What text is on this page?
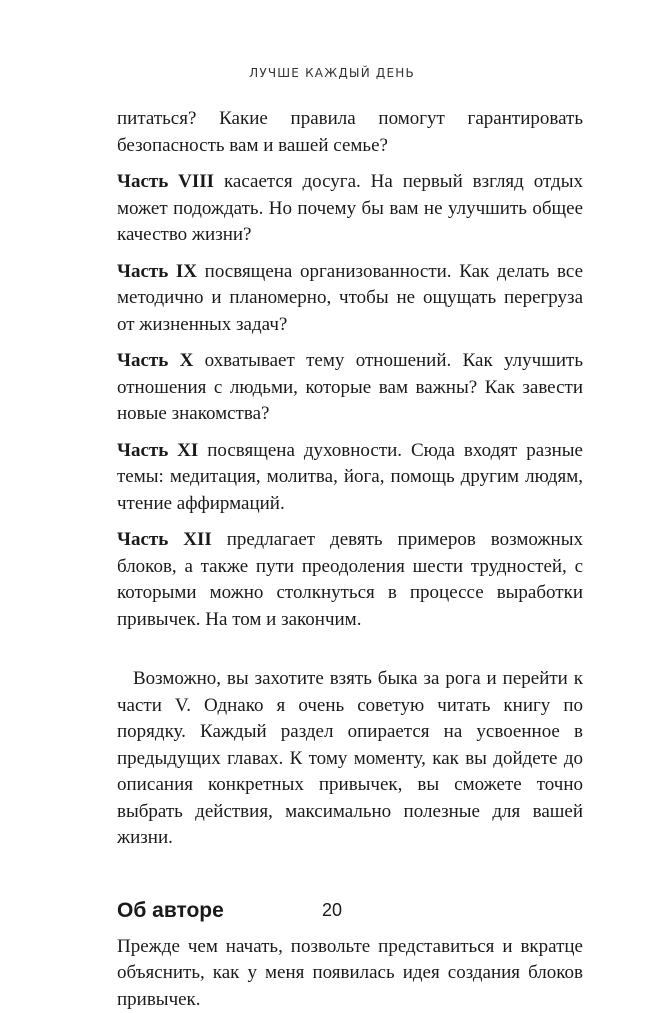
ЛУЧШЕ КАЖДЫЙ ДЕНЬ

питаться? Какие правила помогут гарантировать безопасность вам и вашей семье?

Часть VIII касается досуга. На первый взгляд отдых может подождать. Но почему бы вам не улучшить общее качество жизни?

Часть IX посвящена организованности. Как делать все методично и планомерно, чтобы не ощущать перегруза от жизненных задач?

Часть X охватывает тему отношений. Как улучшить отношения с людьми, которые вам важны? Как завести новые знакомства?

Часть XI посвящена духовности. Сюда входят разные темы: медитация, молитва, йога, помощь другим людям, чтение аффирмаций.

Часть XII предлагает девять примеров возможных блоков, а также пути преодоления шести трудностей, с которыми можно столкнуться в процессе выработки привычек. На том и закончим.

Возможно, вы захотите взять быка за рога и перейти к части V. Однако я очень советую читать книгу по порядку. Каждый раздел опирается на усвоенное в предыдущих главах. К тому моменту, как вы дойдете до описания конкретных привычек, вы сможете точно выбрать действия, максимально полезные для вашей жизни.

Об авторе

Прежде чем начать, позвольте представиться и вкратце объяснить, как у меня появилась идея создания блоков привычек.

20
